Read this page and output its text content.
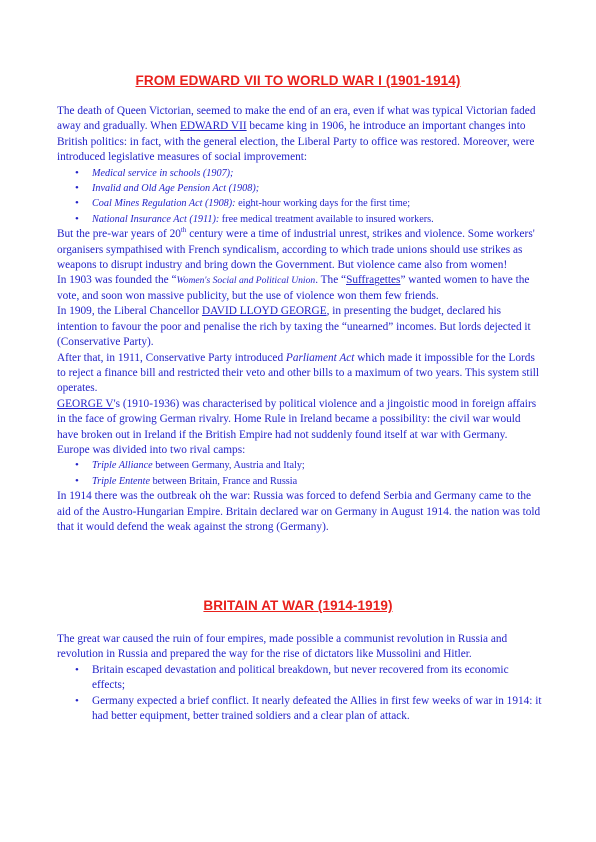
FROM EDWARD VII TO WORLD WAR I (1901-1914)

The death of Queen Victorian, seemed to make the end of an era, even if what was typical Victorian faded away and gradually. When EDWARD VII became king in 1906, he introduce an important changes into British politics: in fact, with the general election, the Liberal Party to office was restored. Moreover, were introduced legislative measures of social improvement:

• Medical service in schools (1907);
• Invalid and Old Age Pension Act (1908);
• Coal Mines Regulation Act (1908): eight-hour working days for the first time;
• National Insurance Act (1911): free medical treatment available to insured workers.

But the pre-war years of 20th century were a time of industrial unrest, strikes and violence. Some workers' organisers sympathised with French syndicalism, according to which trade unions should use strikes as weapons to disrupt industry and bring down the Government. But violence came also from women!

In 1903 was founded the “Women's Social and Political Union. The “Suffragettes” wanted women to have the vote, and soon won massive publicity, but the use of violence won them few friends.

In 1909, the Liberal Chancellor DAVID LLOYD GEORGE, in presenting the budget, declared his intention to favour the poor and penalise the rich by taxing the “unearned” incomes. But lords dejected it (Conservative Party).

After that, in 1911, Conservative Party introduced Parliament Act which made it impossible for the Lords to reject a finance bill and restricted their veto and other bills to a maximum of two years. This system still operates.

GEORGE V's (1910-1936) was characterised by political violence and a jingoistic mood in foreign affairs in the face of growing German rivalry. Home Rule in Ireland became a possibility: the civil war would have broken out in Ireland if the British Empire had not suddenly found itself at war with Germany.

Europe was divided into two rival camps:

• Triple Alliance between Germany, Austria and Italy;
• Triple Entente between Britain, France and Russia

In 1914 there was the outbreak oh the war: Russia was forced to defend Serbia and Germany came to the aid of the Austro-Hungarian Empire. Britain declared war on Germany in August 1914. the nation was told that it would defend the weak against the strong (Germany).

BRITAIN AT WAR (1914-1919)

The great war caused the ruin of four empires, made possible a communist revolution in Russia and revolution in Russia and prepared the way for the rise of dictators like Mussolini and Hitler.

• Britain escaped devastation and political breakdown, but never recovered from its economic effects;
• Germany expected a brief conflict. It nearly defeated the Allies in first few weeks of war in 1914: it had better equipment, better trained soldiers and a clear plan of attack.
